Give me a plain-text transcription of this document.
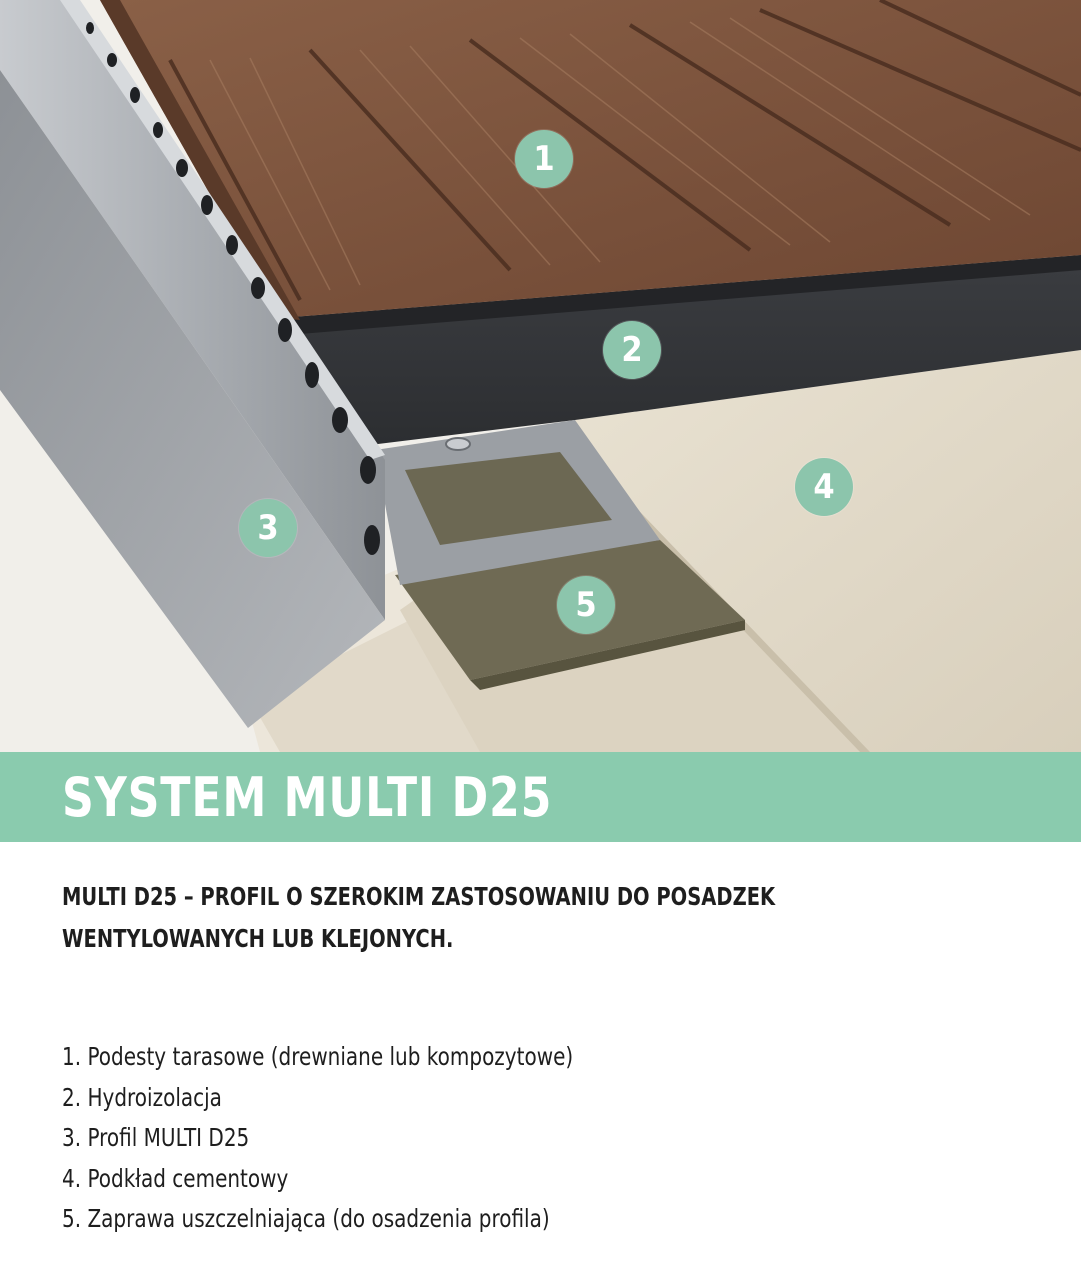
1
2
3
4
5
SYSTEM MULTI D25

MULTI D25 – PROFIL O SZEROKIM ZASTOSOWANIU DO POSADZEK WENTYLOWANYCH LUB KLEJONYCH.

1. Podesty tarasowe (drewniane lub kompozytowe)
2. Hydroizolacja
3. Profil MULTI D25
4. Podkład cementowy
5. Zaprawa uszczelniająca (do osadzenia profila)
